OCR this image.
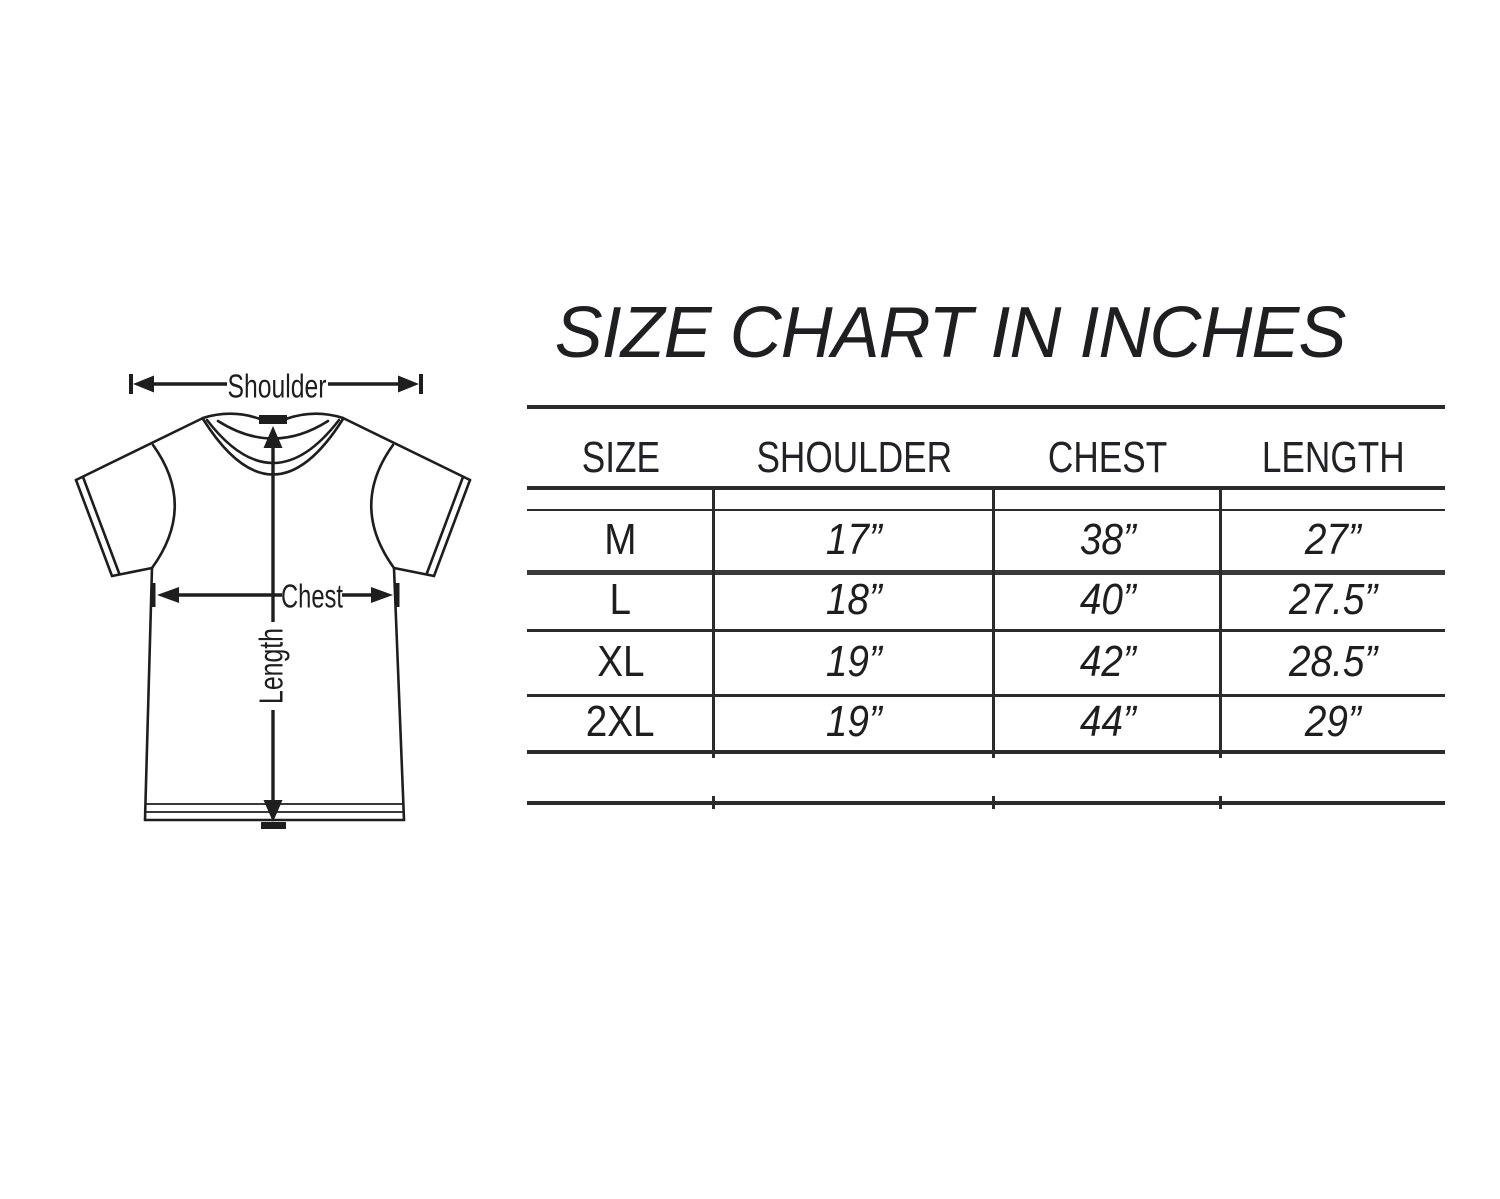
SIZE CHART IN INCHES
Length
Shoulder
Chest
SIZE SHOULDER CHEST LENGTH
M	17”	38”	27”
L	18”	40”	27.5”
XL	19”	42”	28.5”
2XL	19”	44”	29”
